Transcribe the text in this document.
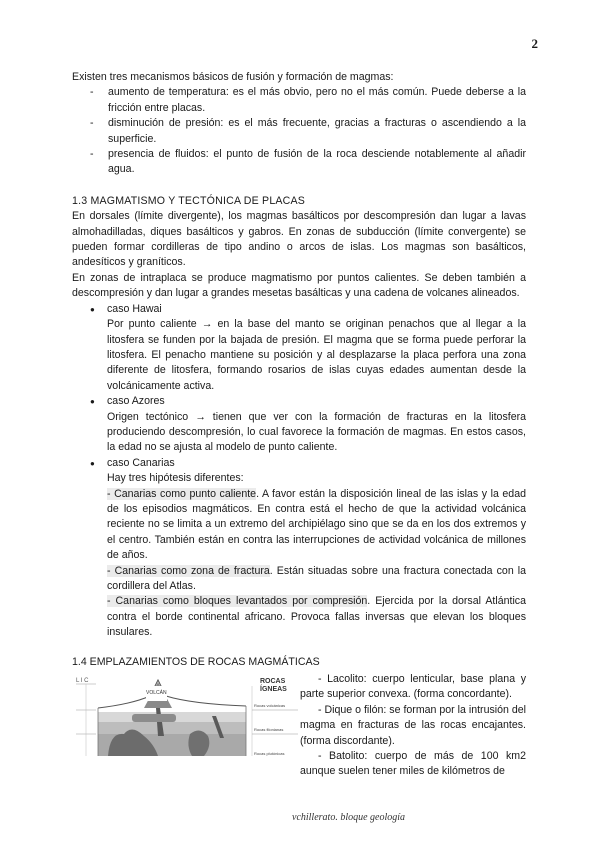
2

Existen tres mecanismos básicos de fusión y formación de magmas:

- aumento de temperatura: es el más obvio, pero no el más común. Puede deberse a la fricción entre placas.
- disminución de presión: es el más frecuente, gracias a fracturas o ascendiendo a la superficie.
- presencia de fluidos: el punto de fusión de la roca desciende notablemente al añadir agua.

1.3 MAGMATISMO Y TECTÓNICA DE PLACAS

En dorsales (límite divergente), los magmas basálticos por descompresión dan lugar a lavas almohadilladas, diques basálticos y gabros. En zonas de subducción (límite convergente) se pueden formar cordilleras de tipo andino o arcos de islas. Los magmas son basálticos, andesíticos y graníticos.

En zonas de intraplaca se produce magmatismo por puntos calientes. Se deben también a descompresión y dan lugar a grandes mesetas basálticas y una cadena de volcanes alineados.

● caso Hawai

Por punto caliente → en la base del manto se originan penachos que al llegar a la litosfera se funden por la bajada de presión. El magma que se forma puede perforar la litosfera. El penacho mantiene su posición y al desplazarse la placa perfora una zona diferente de litosfera, formando rosarios de islas cuyas edades aumentan desde la volcánicamente activa.

● caso Azores

Origen tectónico → tienen que ver con la formación de fracturas en la litosfera produciendo descompresión, lo cual favorece la formación de magmas. En estos casos, la edad no se ajusta al modelo de punto caliente.

● caso Canarias
Hay tres hipótesis diferentes:

- Canarias como punto caliente. A favor están la disposición lineal de las islas y la edad de los episodios magmáticos. En contra está el hecho de que la actividad volcánica reciente no se limita a un extremo del archipiélago sino que se da en los dos extremos y el centro. También están en contra las interrupciones de actividad volcánica de millones de años.

- Canarias como zona de fractura. Están situadas sobre una fractura conectada con la cordillera del Atlas.

- Canarias como bloques levantados por compresión. Ejercida por la dorsal Atlántica contra el borde continental africano. Provoca fallas inversas que elevan los bloques insulares.

1.4 EMPLAZAMIENTOS DE ROCAS MAGMÁTICAS

L I C	ROCAS
ÍGNEAS
VOLCÁN
Rocas volcánicas
Rocas filonianas
Rocas plutónicas

- Lacolito: cuerpo lenticular, base plana y parte superior convexa. (forma concordante).

- Dique o filón: se forman por la intrusión del magma en fracturas de las rocas encajantes. (forma discordante).

- Batolito: cuerpo de más de 100 km2 aunque suelen tener miles de kilómetros de

vchillerato. bloque geología
